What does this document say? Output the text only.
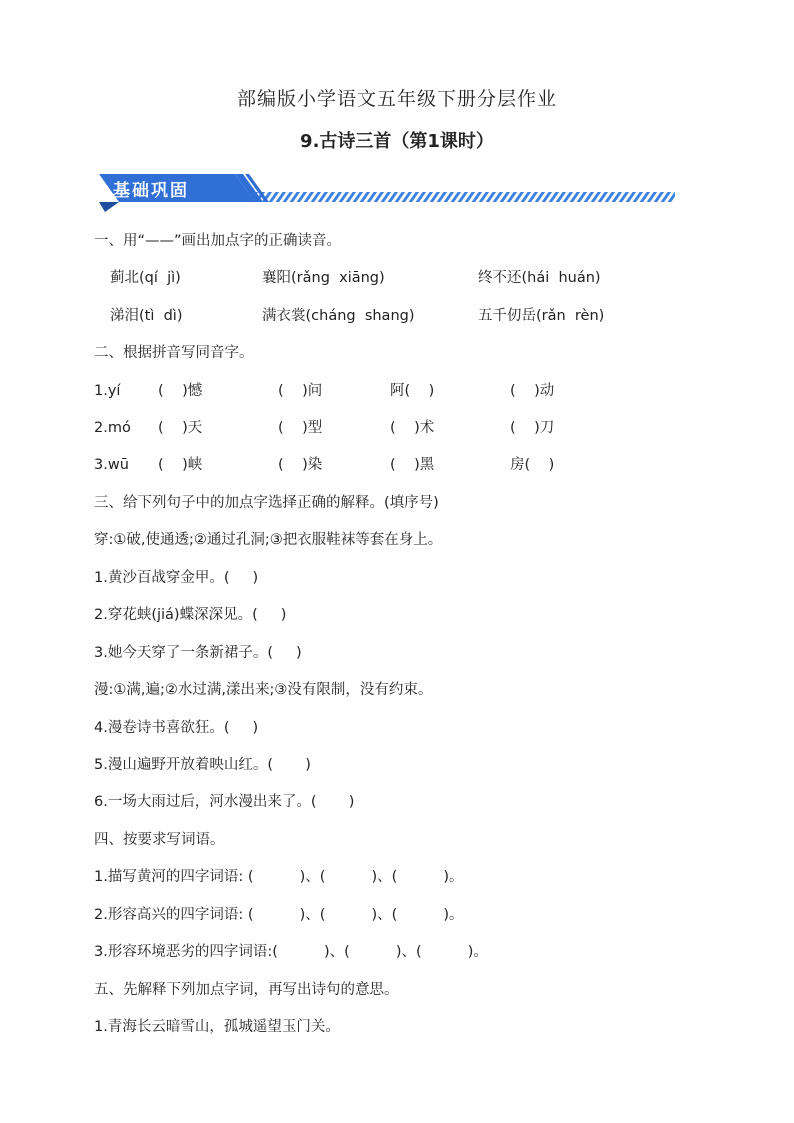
部编版小学语文五年级下册分层作业
9.古诗三首（第1课时）
基础巩固
一、用“——”画出加点字的正确读音。
蓟北(qí  jì)	襄阳(rǎng  xiāng)	终不还(hái  huán)
涕泪(tì  dì)	满衣裳(cháng  shang)	五千仞岳(rǎn  rèn)
二、根据拼音写同音字。
1.yí	(    )憾	(    )问	阿(    )	(    )动
2.mó (    )天	(    )型	(    )术	(    )刀
3.wū (    )峡	(    )染	(    )黑	房(    )
三、给下列句子中的加点字选择正确的解释。(填序号)
穿:①破,使通透;②通过孔洞;③把衣服鞋袜等套在身上。
1.黄沙百战穿金甲。(     )
2.穿花蛱(jiá)蝶深深见。(     )
3.她今天穿了一条新裙子。(     )
漫:①满,遍;②水过满,漾出来;③没有限制，没有约束。
4.漫卷诗书喜欲狂。(     )
5.漫山遍野开放着映山红。(       )
6.一场大雨过后，河水漫出来了。(       )
四、按要求写词语。
1.描写黄河的四字词语: (          )、(          )、(          )。
2.形容高兴的四字词语: (          )、(          )、(          )。
3.形容环境恶劣的四字词语:(          )、(          )、(          )。
五、先解释下列加点字词，再写出诗句的意思。
1.青海长云暗雪山，孤城遥望玉门关。
